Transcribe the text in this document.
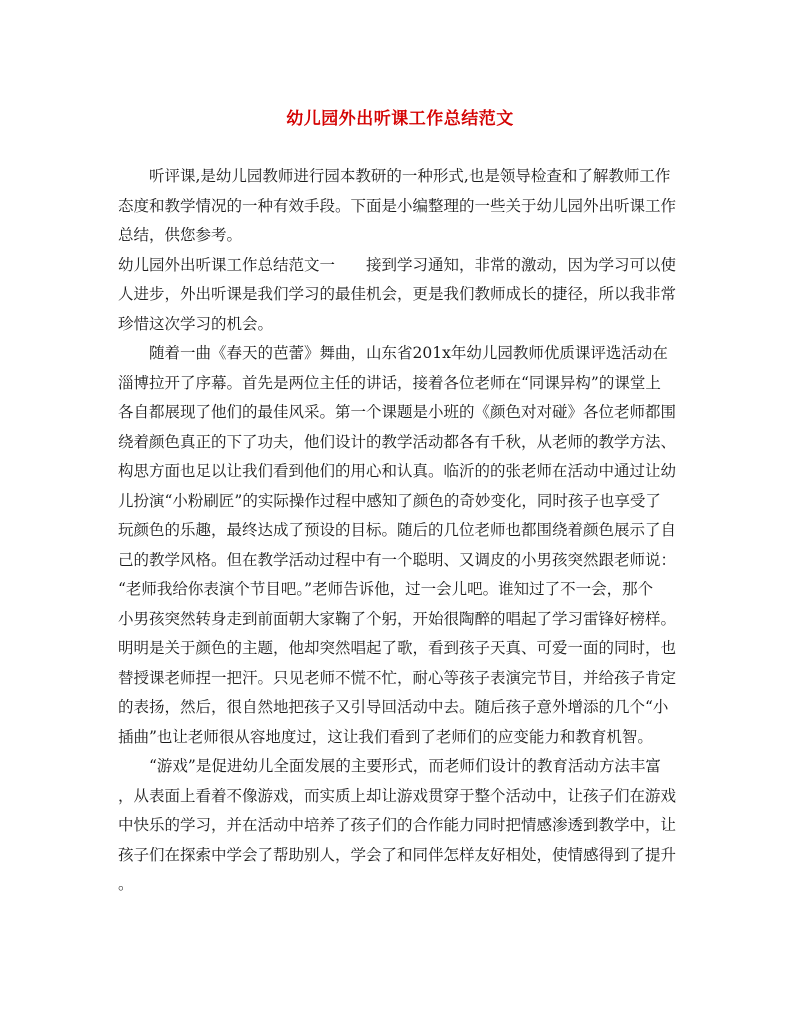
幼儿园外出听课工作总结范文
听评课,是幼儿园教师进行园本教研的一种形式,也是领导检查和了解教师工作
态度和教学情况的一种有效手段。下面是小编整理的一些关于幼儿园外出听课工作
总结，供您参考。
幼儿园外出听课工作总结范文一　　接到学习通知，非常的激动，因为学习可以使
人进步，外出听课是我们学习的最佳机会，更是我们教师成长的捷径，所以我非常
珍惜这次学习的机会。
随着一曲《春天的芭蕾》舞曲，山东省201x年幼儿园教师优质课评选活动在
淄博拉开了序幕。首先是两位主任的讲话，接着各位老师在“同课异构”的课堂上
各自都展现了他们的最佳风采。第一个课题是小班的《颜色对对碰》各位老师都围
绕着颜色真正的下了功夫，他们设计的教学活动都各有千秋，从老师的教学方法、
构思方面也足以让我们看到他们的用心和认真。临沂的的张老师在活动中通过让幼
儿扮演“小粉刷匠”的实际操作过程中感知了颜色的奇妙变化，同时孩子也享受了
玩颜色的乐趣，最终达成了预设的目标。随后的几位老师也都围绕着颜色展示了自
己的教学风格。但在教学活动过程中有一个聪明、又调皮的小男孩突然跟老师说：
“老师我给你表演个节目吧。”老师告诉他，过一会儿吧。谁知过了不一会，那个
小男孩突然转身走到前面朝大家鞠了个躬，开始很陶醉的唱起了学习雷锋好榜样。
明明是关于颜色的主题，他却突然唱起了歌，看到孩子天真、可爱一面的同时，也
替授课老师捏一把汗。只见老师不慌不忙，耐心等孩子表演完节目，并给孩子肯定
的表扬，然后，很自然地把孩子又引导回活动中去。随后孩子意外增添的几个“小
插曲”也让老师很从容地度过，这让我们看到了老师们的应变能力和教育机智。
“游戏”是促进幼儿全面发展的主要形式，而老师们设计的教育活动方法丰富
，从表面上看着不像游戏，而实质上却让游戏贯穿于整个活动中，让孩子们在游戏
中快乐的学习，并在活动中培养了孩子们的合作能力同时把情感渗透到教学中，让
孩子们在探索中学会了帮助别人，学会了和同伴怎样友好相处，使情感得到了提升
。
